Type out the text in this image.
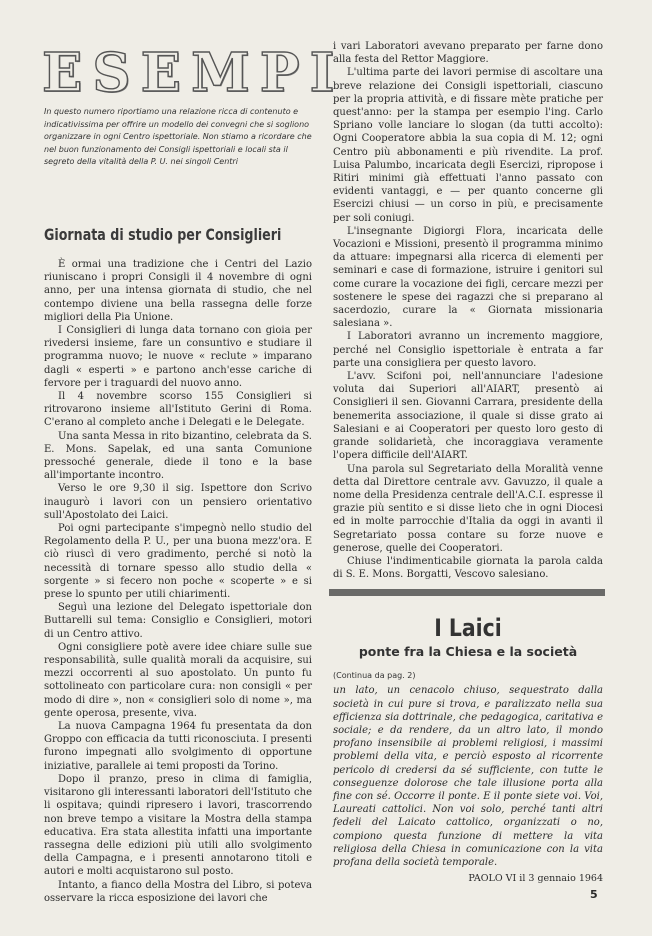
ESEMPI
In questo numero riportiamo una relazione ricca di contenuto e indicativissima per offrire un modello dei convegni che si sogliono organizzare in ogni Centro ispettoriale. Non stiamo a ricordare che nel buon funzionamento dei Consigli ispettoriali e locali sta il segreto della vitalità della P. U. nei singoli Centri
Giornata di studio per Consiglieri

È ormai una tradizione che i Centri del Lazio riuniscano i propri Consigli il 4 novembre di ogni anno, per una intensa giornata di studio, che nel contempo diviene una bella rassegna delle forze migliori della Pia Unione.

I Consiglieri di lunga data tornano con gioia per rivedersi insieme, fare un consuntivo e studiare il programma nuovo; le nuove « reclute » imparano dagli « esperti » e partono anch'esse cariche di fervore per i traguardi del nuovo anno.

Il 4 novembre scorso 155 Consiglieri si ritrovarono insieme all'Istituto Gerini di Roma. C'erano al completo anche i Delegati e le Delegate.

Una santa Messa in rito bizantino, celebrata da S. E. Mons. Sapelak, ed una santa Comunione pressoché generale, diede il tono e la base all'importante incontro.

Verso le ore 9,30 il sig. Ispettore don Scrivo inaugurò i lavori con un pensiero orientativo sull'Apostolato dei Laici.

Poi ogni partecipante s'impegnò nello studio del Regolamento della P. U., per una buona mezz'ora. E ciò riuscì di vero gradimento, perché si notò la necessità di tornare spesso allo studio della « sorgente » si fecero non poche « scoperte » e si prese lo spunto per utili chiarimenti.

Seguì una lezione del Delegato ispettoriale don Buttarelli sul tema: Consiglio e Consiglieri, motori di un Centro attivo.

Ogni consigliere potè avere idee chiare sulle sue responsabilità, sulle qualità morali da acquisire, sui mezzi occorrenti al suo apostolato. Un punto fu sottolineato con particolare cura: non consigli « per modo di dire », non « consiglieri solo di nome », ma gente operosa, presente, viva.

La nuova Campagna 1964 fu presentata da don Groppo con efficacia da tutti riconosciuta. I presenti furono impegnati allo svolgimento di opportune iniziative, parallele ai temi proposti da Torino.

Dopo il pranzo, preso in clima di famiglia, visitarono gli interessanti laboratori dell'Istituto che li ospitava; quindi ripresero i lavori, trascorrendo non breve tempo a visitare la Mostra della stampa educativa. Era stata allestita infatti una importante rassegna delle edizioni più utili allo svolgimento della Campagna, e i presenti annotarono titoli e autori e molti acquistarono sul posto.

Intanto, a fianco della Mostra del Libro, si poteva osservare la ricca esposizione dei lavori che

i vari Laboratori avevano preparato per farne dono alla festa del Rettor Maggiore.

L'ultima parte dei lavori permise di ascoltare una breve relazione dei Consigli ispettoriali, ciascuno per la propria attività, e di fissare mète pratiche per quest'anno: per la stampa per esempio l'ing. Carlo Spriano volle lanciare lo slogan (da tutti accolto): Ogni Cooperatore abbia la sua copia di M. 12; ogni Centro più abbonamenti e più rivendite. La prof. Luisa Palumbo, incaricata degli Esercizi, ripropose i Ritiri minimi già effettuati l'anno passato con evidenti vantaggi, e — per quanto concerne gli Esercizi chiusi — un corso in più, e precisamente per soli coniugi.

L'insegnante Digiorgi Flora, incaricata delle Vocazioni e Missioni, presentò il programma minimo da attuare: impegnarsi alla ricerca di elementi per seminari e case di formazione, istruire i genitori sul come curare la vocazione dei figli, cercare mezzi per sostenere le spese dei ragazzi che si preparano al sacerdozio, curare la « Giornata missionaria salesiana ».

I Laboratori avranno un incremento maggiore, perché nel Consiglio ispettoriale è entrata a far parte una consigliera per questo lavoro.

L'avv. Scifoni poi, nell'annunciare l'adesione voluta dai Superiori all'AIART, presentò ai Consiglieri il sen. Giovanni Carrara, presidente della benemerita associazione, il quale si disse grato ai Salesiani e ai Cooperatori per questo loro gesto di grande solidarietà, che incoraggiava veramente l'opera difficile dell'AIART.

Una parola sul Segretariato della Moralità venne detta dal Direttore centrale avv. Gavuzzo, il quale a nome della Presidenza centrale dell'A.C.I. espresse il grazie più sentito e si disse lieto che in ogni Diocesi ed in molte parrocchie d'Italia da oggi in avanti il Segretariato possa contare su forze nuove e generose, quelle dei Cooperatori.

Chiuse l'indimenticabile giornata la parola calda di S. E. Mons. Borgatti, Vescovo salesiano.

I Laici
ponte fra la Chiesa e la società
(Continua da pag. 2)

un lato, un cenacolo chiuso, sequestrato dalla società in cui pure si trova, e paralizzato nella sua efficienza sia dottrinale, che pedagogica, caritativa e sociale; e da rendere, da un altro lato, il mondo profano insensibile ai problemi religiosi, i massimi problemi della vita, e perciò esposto al ricorrente pericolo di credersi da sé sufficiente, con tutte le conseguenze dolorose che tale illusione porta alla fine con sé. Occorre il ponte. E il ponte siete voi. Voi, Laureati cattolici. Non voi solo, perché tanti altri fedeli del Laicato cattolico, organizzati o no, compiono questa funzione di mettere la vita religiosa della Chiesa in comunicazione con la vita profana della società temporale.

PAOLO VI il 3 gennaio 1964

5
